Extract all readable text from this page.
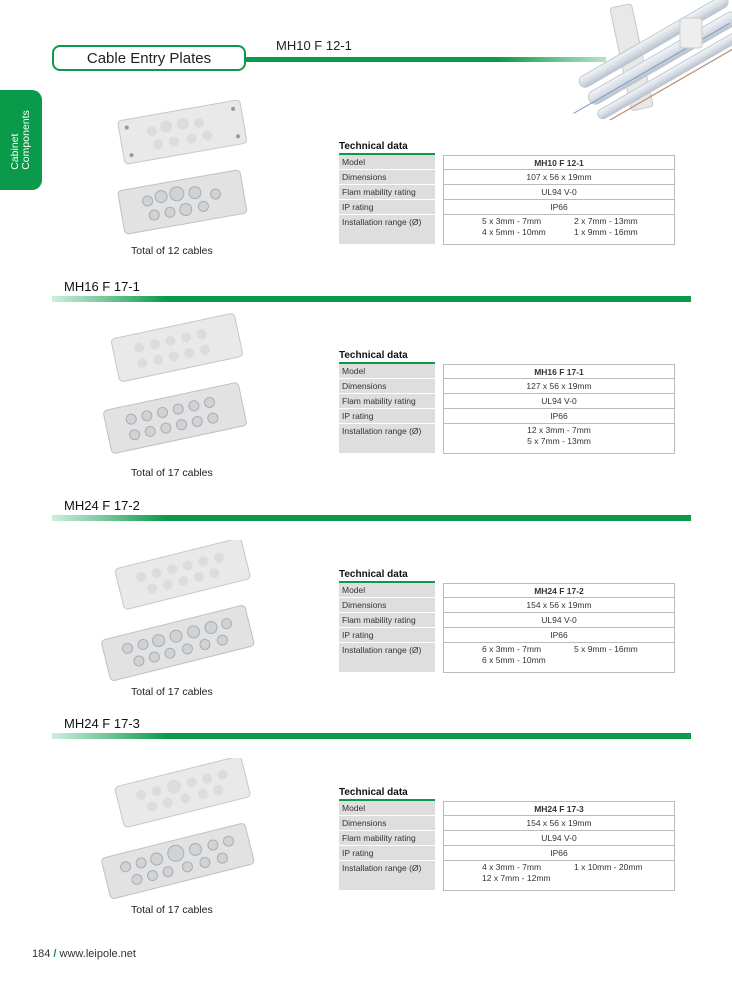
Cable Entry Plates
MH10 F 12-1
Cabinet Components
Total of 12 cables
Technical data
Model	MH10 F 12-1
Dimensions	107 x 56 x 19mm
Flam mability rating	UL94 V-0
IP rating	IP66
Installation range (Ø)	5 x 3mm - 7mm	2 x 7mm - 13mm
4 x 5mm - 10mm	1 x 9mm - 16mm
MH16 F 17-1
Total of 17 cables
Technical data
Model	MH16 F 17-1
Dimensions	127 x 56 x 19mm
Flam mability rating	UL94 V-0
IP rating	IP66
Installation range (Ø)	12 x 3mm - 7mm
5 x 7mm - 13mm
MH24 F 17-2
Total of 17 cables
Technical data
Model	MH24 F 17-2
Dimensions	154 x 56 x 19mm
Flam mability rating	UL94 V-0
IP rating	IP66
Installation range (Ø)	6 x 3mm - 7mm	5 x 9mm - 16mm
6 x 5mm - 10mm
MH24 F 17-3
Total of 17 cables
Technical data
Model	MH24 F 17-3
Dimensions	154 x 56 x 19mm
Flam mability rating	UL94 V-0
IP rating	IP66
Installation range (Ø)	4 x 3mm - 7mm	1 x 10mm - 20mm
12 x 7mm - 12mm
184 / www.leipole.net
